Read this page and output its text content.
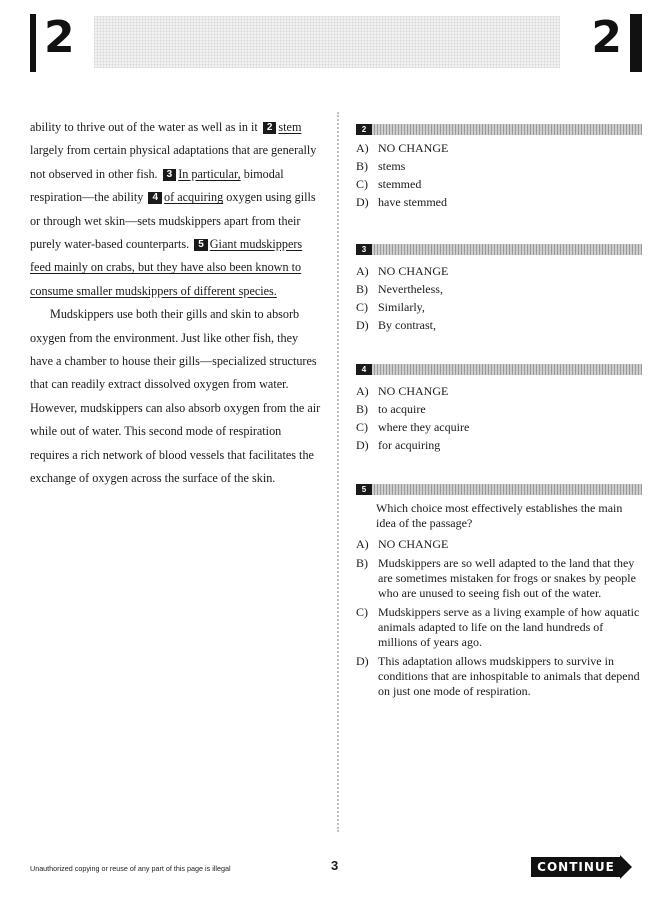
2	2

ability to thrive out of the water as well as in it 2 stem largely from certain physical adaptations that are generally not observed in other fish. 3 In particular, bimodal respiration—the ability 4 of acquiring oxygen using gills or through wet skin—sets mudskippers apart from their purely water-based counterparts. 5 Giant mudskippers feed mainly on crabs, but they have also been known to consume smaller mudskippers of different species.

Mudskippers use both their gills and skin to absorb oxygen from the environment. Just like other fish, they have a chamber to house their gills—specialized structures that can readily extract dissolved oxygen from water. However, mudskippers can also absorb oxygen from the air while out of water. This second mode of respiration requires a rich network of blood vessels that facilitates the exchange of oxygen across the surface of the skin.

2
A) NO CHANGE
B) stems
C) stemmed
D) have stemmed
3
A) NO CHANGE
B) Nevertheless,
C) Similarly,
D) By contrast,
4
A) NO CHANGE
B) to acquire
C) where they acquire
D) for acquiring
5
Which choice most effectively establishes the main idea of the passage?
A) NO CHANGE
B) Mudskippers are so well adapted to the land that they are sometimes mistaken for frogs or snakes by people who are unused to seeing fish out of the water.
C) Mudskippers serve as a living example of how aquatic animals adapted to life on the land hundreds of millions of years ago.
D) This adaptation allows mudskippers to survive in conditions that are inhospitable to animals that depend on just one mode of respiration.
Unauthorized copying or reuse of any part of this page is illegal	3	CONTINUE
